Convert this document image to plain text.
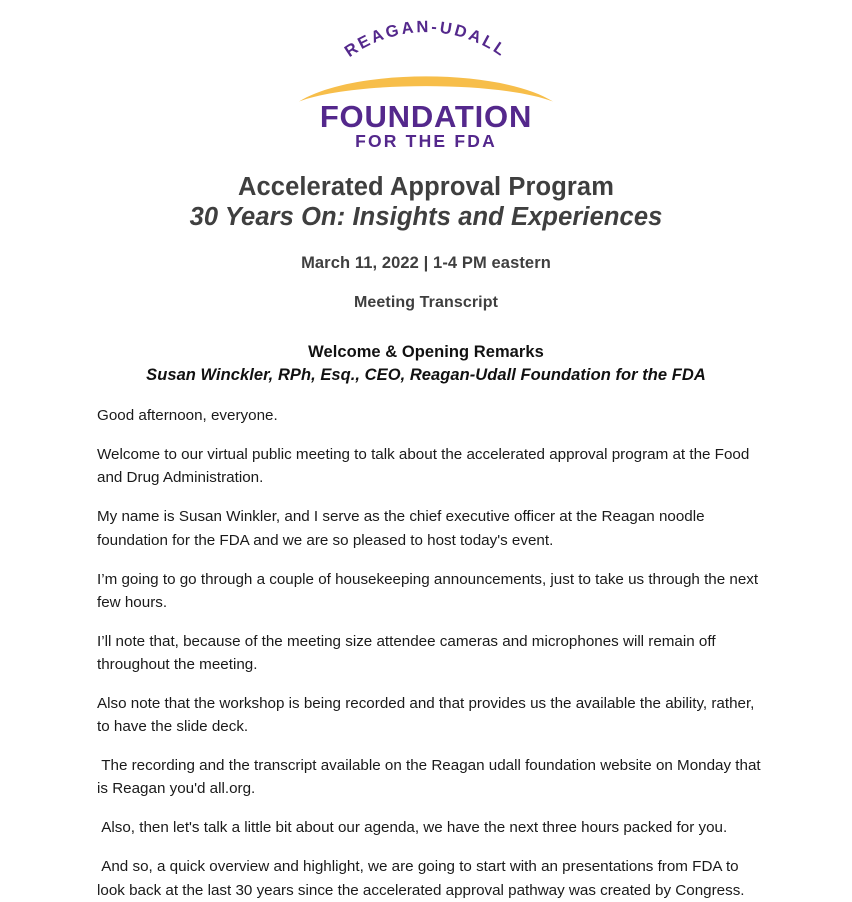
REAGAN-UDALL
FOUNDATION
FOR THE FDA
Accelerated Approval Program
30 Years On: Insights and Experiences
March 11, 2022 | 1-4 PM eastern
Meeting Transcript
Welcome & Opening Remarks
Susan Winckler, RPh, Esq., CEO, Reagan-Udall Foundation for the FDA

Good afternoon, everyone.

Welcome to our virtual public meeting to talk about the accelerated approval program at the Food and Drug Administration.

My name is Susan Winkler, and I serve as the chief executive officer at the Reagan noodle foundation for the FDA and we are so pleased to host today's event.

I’m going to go through a couple of housekeeping announcements, just to take us through the next few hours.

I’ll note that, because of the meeting size attendee cameras and microphones will remain off throughout the meeting.

Also note that the workshop is being recorded and that provides us the available the ability, rather, to have the slide deck.

The recording and the transcript available on the Reagan udall foundation website on Monday that is Reagan you'd all.org.

Also, then let's talk a little bit about our agenda, we have the next three hours packed for you.

And so, a quick overview and highlight, we are going to start with an presentations from FDA to look back at the last 30 years since the accelerated approval pathway was created by Congress.
